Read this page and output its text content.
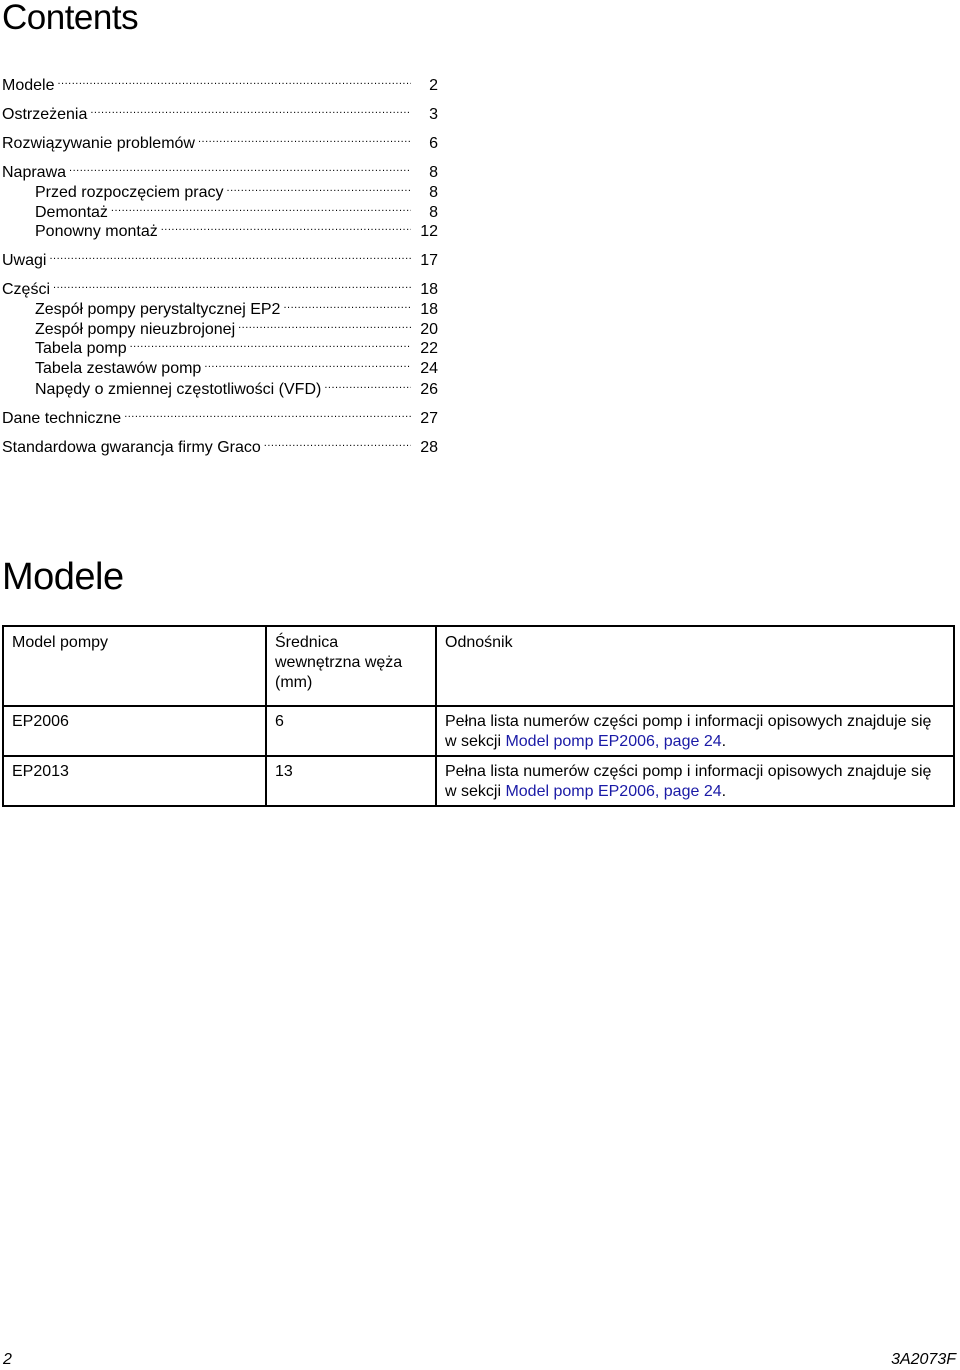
Contents
Modele .....	2
Ostrzeżenia .....	3
Rozwiązywanie problemów .....	6
Naprawa .....	8
Przed rozpoczęciem pracy .....	8
Demontaż .....	8
Ponowny montaż .....	12
Uwagi .....	17
Części .....	18
Zespół pompy perystaltycznej EP2 .....	18
Zespół pompy nieuzbrojonej .....	20
Tabela pomp .....	22
Tabela zestawów pomp .....	24
Napędy o zmiennej częstotliwości (VFD) .....	26
Dane techniczne .....	27
Standardowa gwarancja firmy Graco .....	28
Modele
Model pompy	Średnica wewnętrzna węża (mm)	Odnośnik
EP2006	6	Pełna lista numerów części pomp i informacji opisowych znajduje się w sekcji Model pomp EP2006, page 24.
EP2013	13	Pełna lista numerów części pomp i informacji opisowych znajduje się w sekcji Model pomp EP2006, page 24.
2	3A2073F
